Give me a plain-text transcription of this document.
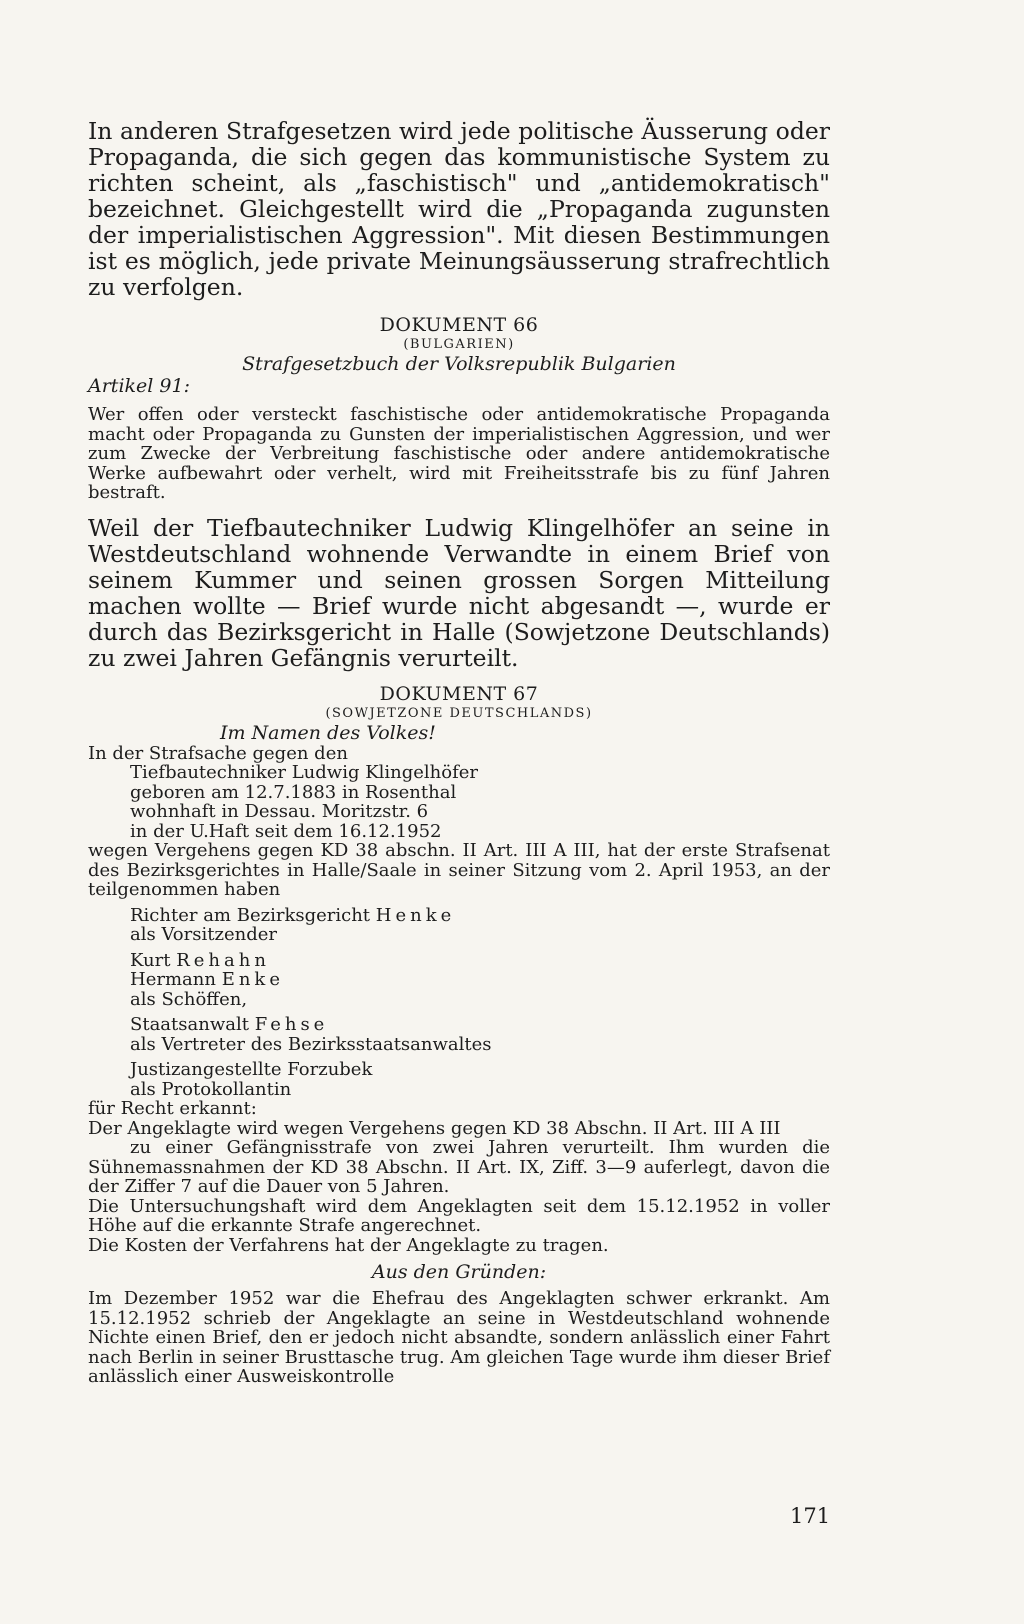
In anderen Strafgesetzen wird jede politische Äusserung oder Propaganda, die sich gegen das kommunistische System zu richten scheint, als „faschistisch" und „antidemokratisch" bezeichnet. Gleichgestellt wird die „Propaganda zugunsten der imperialistischen Aggression". Mit diesen Bestimmungen ist es möglich, jede private Meinungsäusserung strafrechtlich zu verfolgen.

DOKUMENT 66

(BULGARIEN)

Strafgesetzbuch der Volksrepublik Bulgarien

Artikel 91:

Wer offen oder versteckt faschistische oder antidemokratische Propaganda macht oder Propaganda zu Gunsten der imperialistischen Aggression, und wer zum Zwecke der Verbreitung faschistische oder andere antidemokratische Werke aufbewahrt oder verhelt, wird mit Freiheitsstrafe bis zu fünf Jahren bestraft.

Weil der Tiefbautechniker Ludwig Klingelhöfer an seine in Westdeutschland wohnende Verwandte in einem Brief von seinem Kummer und seinen grossen Sorgen Mitteilung machen wollte — Brief wurde nicht abgesandt —, wurde er durch das Bezirksgericht in Halle (Sowjetzone Deutschlands) zu zwei Jahren Gefängnis verurteilt.

DOKUMENT 67

(SOWJETZONE DEUTSCHLANDS)

Im Namen des Volkes!

In der Strafsache gegen den

Tiefbautechniker Ludwig Klingelhöfer

geboren am 12.7.1883 in Rosenthal

wohnhaft in Dessau. Moritzstr. 6

in der U.Haft seit dem 16.12.1952

wegen Vergehens gegen KD 38 abschn. II Art. III A III, hat der erste Strafsenat des Bezirksgerichtes in Halle/Saale in seiner Sitzung vom 2. April 1953, an der teilgenommen haben

Richter am Bezirksgericht Henke

als Vorsitzender

Kurt Rehahn

Hermann Enke

als Schöffen,

Staatsanwalt Fehse

als Vertreter des Bezirksstaatsanwaltes

Justizangestellte Forzubek

als Protokollantin

für Recht erkannt:

Der Angeklagte wird wegen Vergehens gegen KD 38 Abschn. II Art. III A III

zu einer Gefängnisstrafe von zwei Jahren verurteilt. Ihm wurden die Sühnemassnahmen der KD 38 Abschn. II Art. IX, Ziff. 3—9 auferlegt, davon die der Ziffer 7 auf die Dauer von 5 Jahren.

Die Untersuchungshaft wird dem Angeklagten seit dem 15.12.1952 in voller Höhe auf die erkannte Strafe angerechnet.

Die Kosten der Verfahrens hat der Angeklagte zu tragen.

Aus den Gründen:

Im Dezember 1952 war die Ehefrau des Angeklagten schwer erkrankt. Am 15.12.1952 schrieb der Angeklagte an seine in Westdeutschland wohnende Nichte einen Brief, den er jedoch nicht absandte, sondern anlässlich einer Fahrt nach Berlin in seiner Brusttasche trug. Am gleichen Tage wurde ihm dieser Brief anlässlich einer Ausweiskontrolle

171
